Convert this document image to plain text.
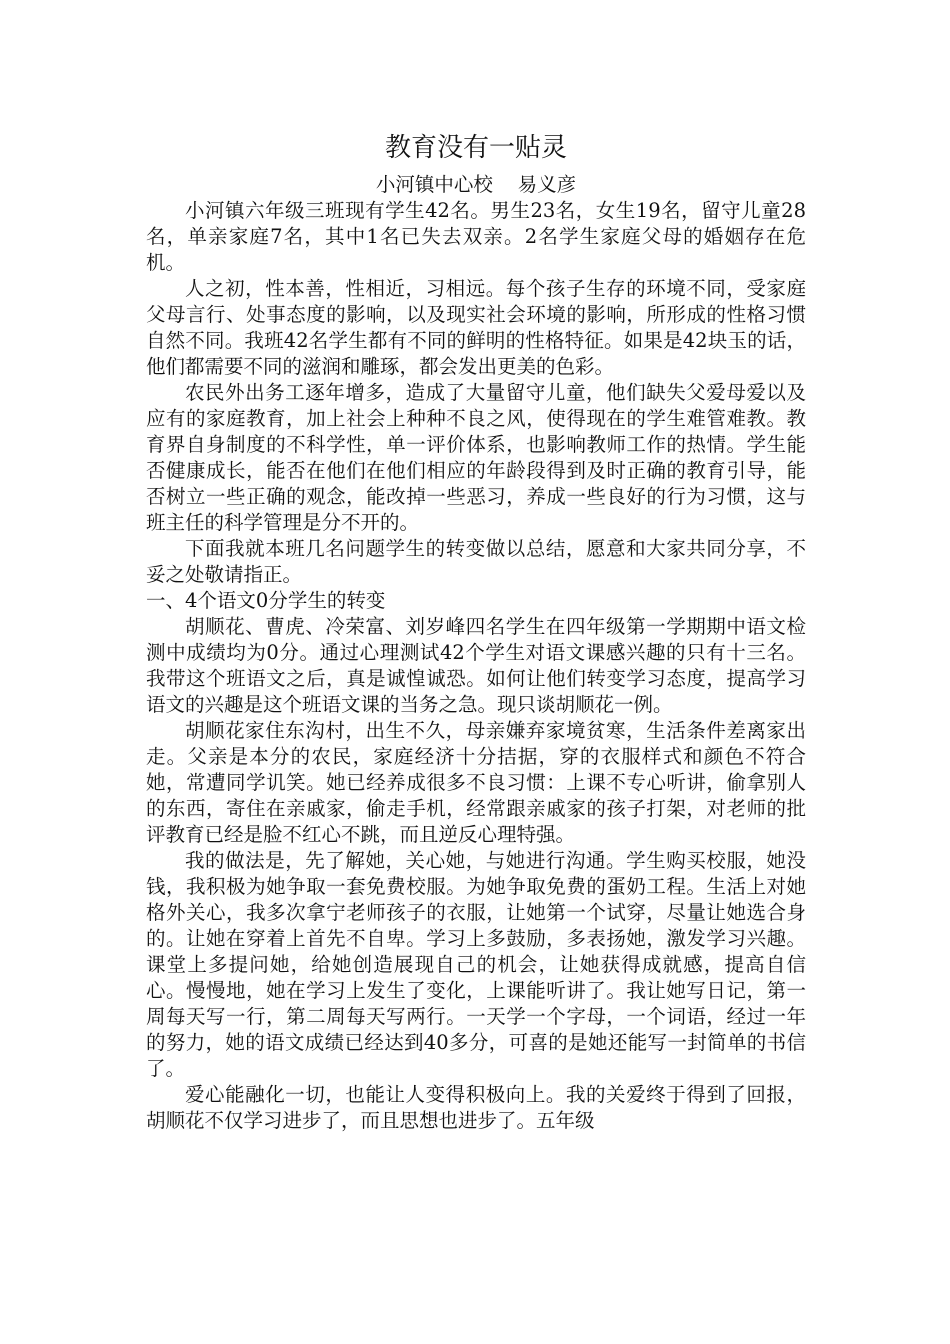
教育没有一贴灵

小河镇中心校    易义彦

小河镇六年级三班现有学生42名。男生23名，女生19名，留守儿童28名，单亲家庭7名，其中1名已失去双亲。2名学生家庭父母的婚姻存在危机。

人之初，性本善，性相近，习相远。每个孩子生存的环境不同，受家庭父母言行、处事态度的影响，以及现实社会环境的影响，所形成的性格习惯自然不同。我班42名学生都有不同的鲜明的性格特征。如果是42块玉的话，他们都需要不同的滋润和雕琢，都会发出更美的色彩。

农民外出务工逐年增多，造成了大量留守儿童，他们缺失父爱母爱以及应有的家庭教育，加上社会上种种不良之风，使得现在的学生难管难教。教育界自身制度的不科学性，单一评价体系，也影响教师工作的热情。学生能否健康成长，能否在他们在他们相应的年龄段得到及时正确的教育引导，能否树立一些正确的观念，能改掉一些恶习，养成一些良好的行为习惯，这与班主任的科学管理是分不开的。

下面我就本班几名问题学生的转变做以总结，愿意和大家共同分享，不妥之处敬请指正。

一、4个语文0分学生的转变

胡顺花、曹虎、冷荣富、刘岁峰四名学生在四年级第一学期期中语文检测中成绩均为0分。通过心理测试42个学生对语文课感兴趣的只有十三名。我带这个班语文之后，真是诚惶诚恐。如何让他们转变学习态度，提高学习语文的兴趣是这个班语文课的当务之急。现只谈胡顺花一例。

胡顺花家住东沟村，出生不久，母亲嫌弃家境贫寒，生活条件差离家出走。父亲是本分的农民，家庭经济十分拮据，穿的衣服样式和颜色不符合她，常遭同学讥笑。她已经养成很多不良习惯：上课不专心听讲，偷拿别人的东西，寄住在亲戚家，偷走手机，经常跟亲戚家的孩子打架，对老师的批评教育已经是脸不红心不跳，而且逆反心理特强。

我的做法是，先了解她，关心她，与她进行沟通。学生购买校服，她没钱，我积极为她争取一套免费校服。为她争取免费的蛋奶工程。生活上对她格外关心，我多次拿宁老师孩子的衣服，让她第一个试穿，尽量让她选合身的。让她在穿着上首先不自卑。学习上多鼓励，多表扬她，激发学习兴趣。课堂上多提问她，给她创造展现自己的机会，让她获得成就感，提高自信心。慢慢地，她在学习上发生了变化，上课能听讲了。我让她写日记，第一周每天写一行，第二周每天写两行。一天学一个字母，一个词语，经过一年的努力，她的语文成绩已经达到40多分，可喜的是她还能写一封简单的书信了。

爱心能融化一切，也能让人变得积极向上。我的关爱终于得到了回报，胡顺花不仅学习进步了，而且思想也进步了。五年级
